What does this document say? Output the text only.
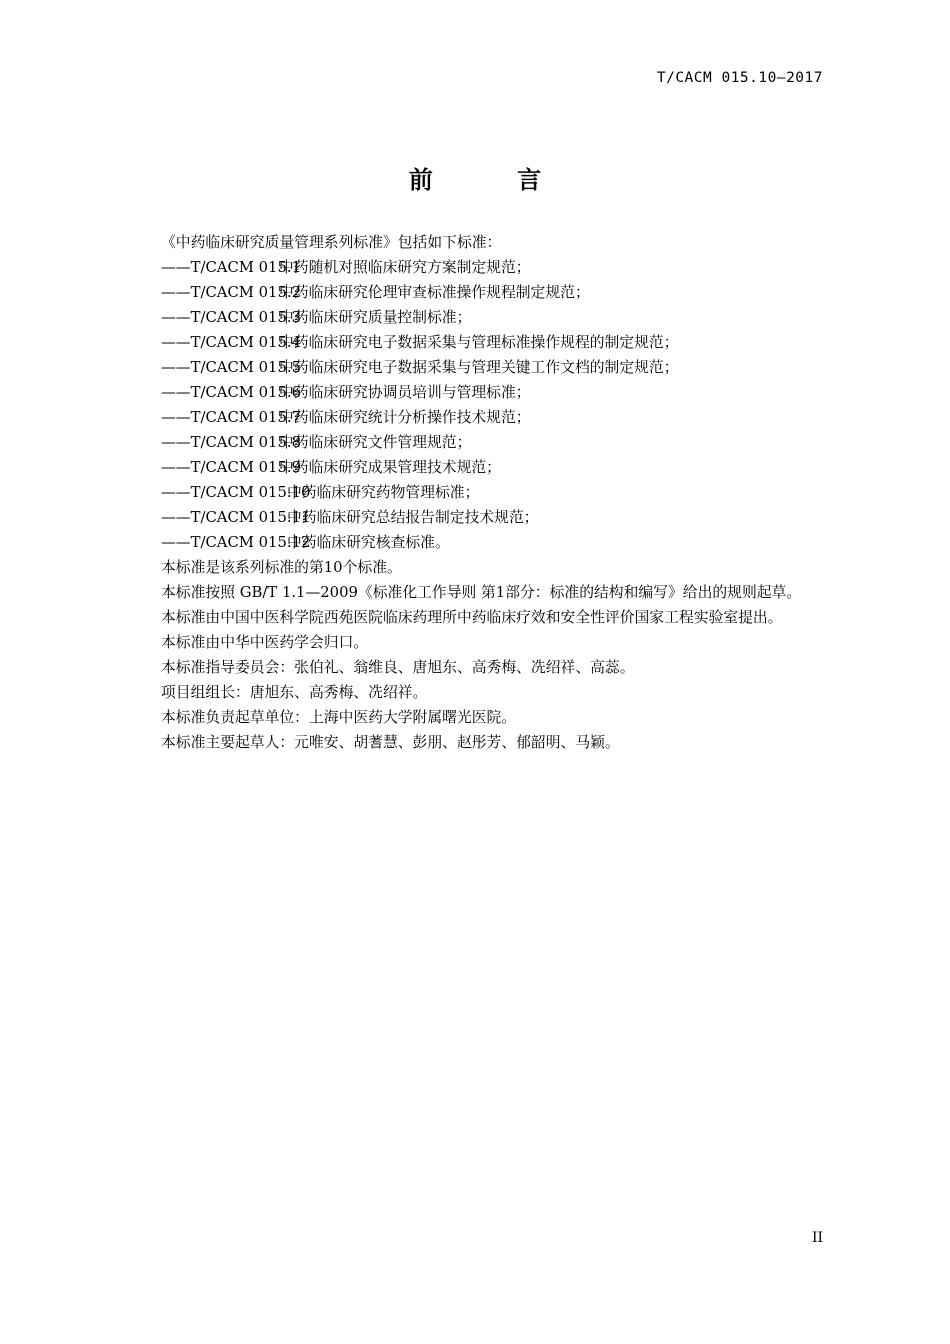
T/CACM 015.10—2017
前 言

《中药临床研究质量管理系列标准》包括如下标准：

——T/CACM 015.1中药随机对照临床研究方案制定规范；

——T/CACM 015.2中药临床研究伦理审查标准操作规程制定规范；

——T/CACM 015.3中药临床研究质量控制标准；

——T/CACM 015.4中药临床研究电子数据采集与管理标准操作规程的制定规范；

——T/CACM 015.5中药临床研究电子数据采集与管理关键工作文档的制定规范；

——T/CACM 015.6中药临床研究协调员培训与管理标准；

——T/CACM 015.7中药临床研究统计分析操作技术规范；

——T/CACM 015.8中药临床研究文件管理规范；

——T/CACM 015.9中药临床研究成果管理技术规范；

——T/CACM 015.10中药临床研究药物管理标准；

——T/CACM 015.11中药临床研究总结报告制定技术规范；

——T/CACM 015.12中药临床研究核查标准。

本标准是该系列标准的第10个标准。

本标准按照 GB/T 1.1—2009《标准化工作导则 第1部分：标准的结构和编写》给出的规则起草。

本标准由中国中医科学院西苑医院临床药理所中药临床疗效和安全性评价国家工程实验室提出。

本标准由中华中医药学会归口。

本标准指导委员会：张伯礼、翁维良、唐旭东、高秀梅、冼绍祥、高蕊。

项目组组长：唐旭东、高秀梅、冼绍祥。

本标准负责起草单位：上海中医药大学附属曙光医院。

本标准主要起草人：元唯安、胡蓍慧、彭朋、赵彤芳、郁韶明、马颖。

II
